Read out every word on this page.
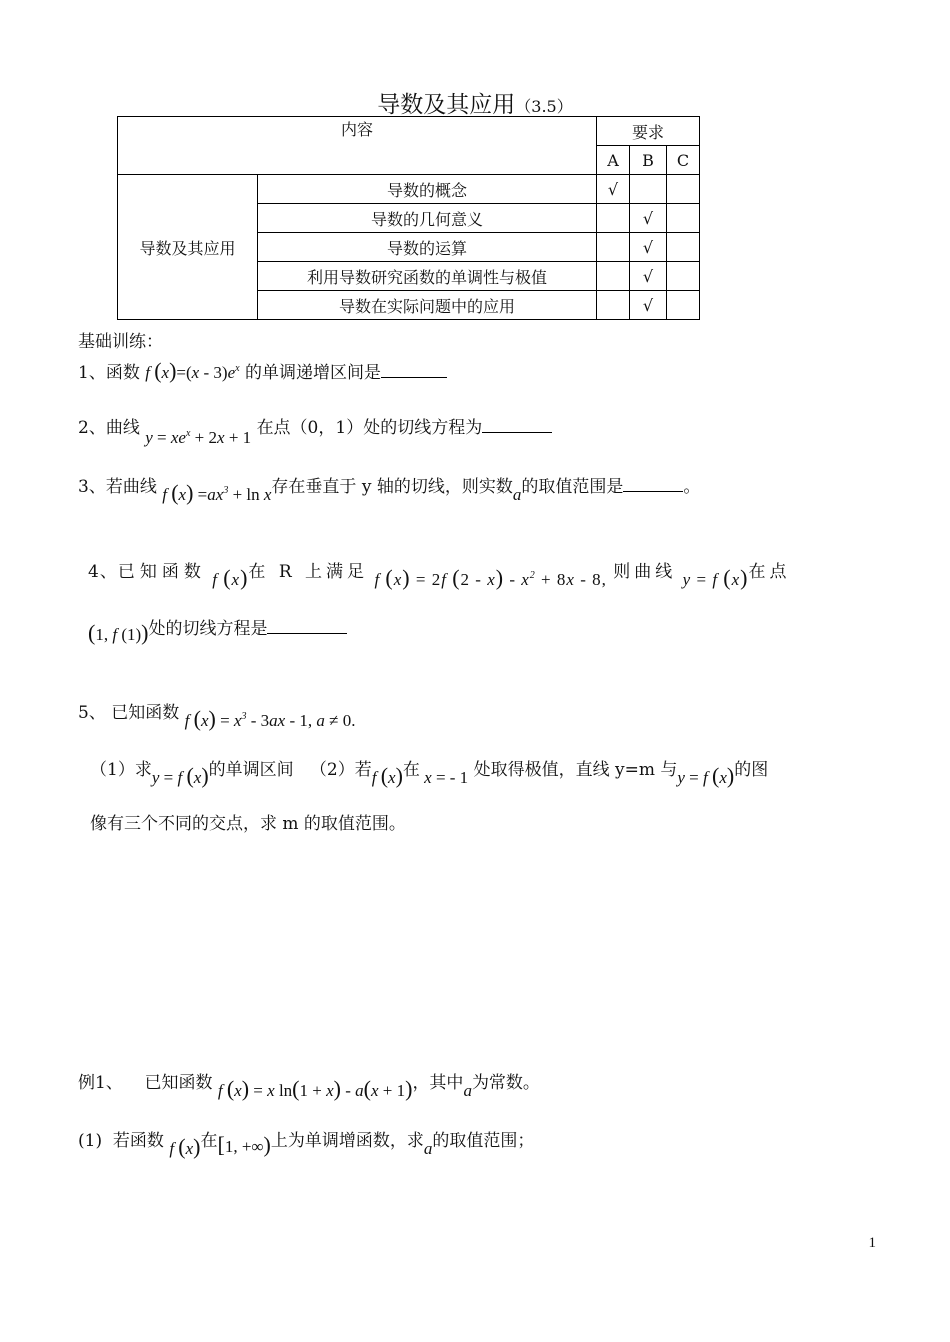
导数及其应用（3.5）
内容		要求		
		A	B	C
导数及其应用	导数的概念	√		
	导数的几何意义		√	
	导数的运算		√	
	利用导数研究函数的单调性与极值		√	
	导数在实际问题中的应用		√	
基础训练：
1、函数 f $(x)=(x - 3)e^x$ 的单调递增区间是
2、曲线 $y = xe^x + 2x + 1$ 在点（0，1）处的切线方程为
3、若曲线 f $(x) =ax^3 + \ln x$存在垂直于 y 轴的切线，则实数a的取值范围是	。
4、已知函数 f (x)在 R 上满足 f (x) = 2f $(2 - x) - x^2 + 8x - 8$, 则曲线 y = f (x)在点
(1, f (1))处的切线方程是
5、 已知函数 f $(x) = x^3 - 3ax - 1$, a ≠ 0.
（1）求y = f (x)的单调区间 （2）若f (x)在 x = - 1 处取得极值，直线 y=m 与y = f (x)的图
像有三个不同的交点，求 m 的取值范围。
例1、 已知函数 f (x) = x ln(1 + x) - a(x + 1)，其中a为常数。
(1) 若函数 f (x)在[1, +∞)上为单调增函数，求a的取值范围；
1
